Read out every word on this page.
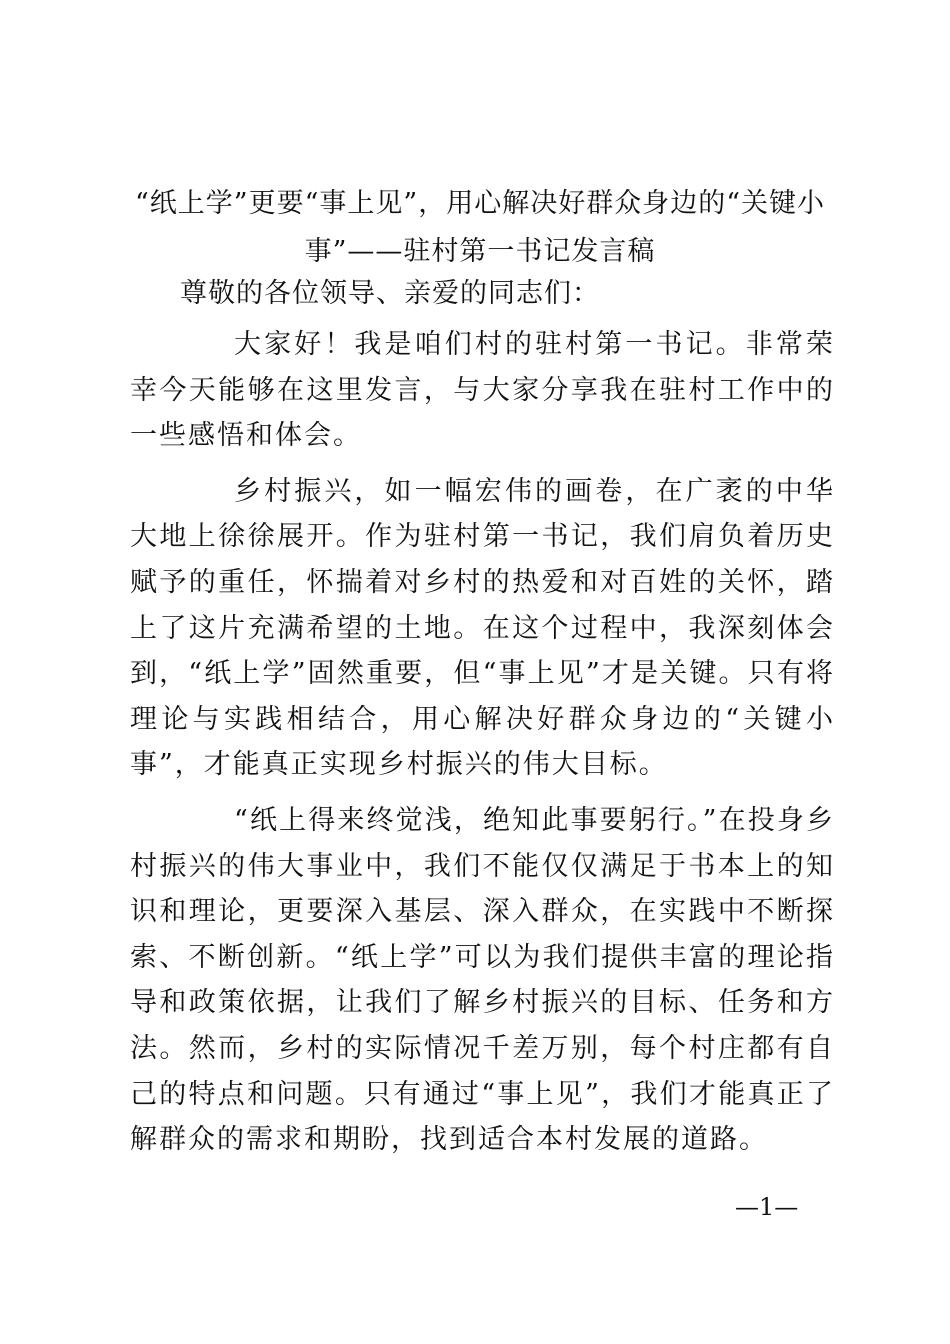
“纸上学”更要“事上见”，用心解决好群众身边的“关键小事”——驻村第一书记发言稿

尊敬的各位领导、亲爱的同志们：

大家好！我是咱们村的驻村第一书记。非常荣幸今天能够在这里发言，与大家分享我在驻村工作中的一些感悟和体会。

乡村振兴，如一幅宏伟的画卷，在广袤的中华大地上徐徐展开。作为驻村第一书记，我们肩负着历史赋予的重任，怀揣着对乡村的热爱和对百姓的关怀，踏上了这片充满希望的土地。在这个过程中，我深刻体会到，“纸上学”固然重要，但“事上见”才是关键。只有将理论与实践相结合，用心解决好群众身边的“关键小事”，才能真正实现乡村振兴的伟大目标。

“纸上得来终觉浅，绝知此事要躬行。”在投身乡村振兴的伟大事业中，我们不能仅仅满足于书本上的知识和理论，更要深入基层、深入群众，在实践中不断探索、不断创新。“纸上学”可以为我们提供丰富的理论指导和政策依据，让我们了解乡村振兴的目标、任务和方法。然而，乡村的实际情况千差万别，每个村庄都有自己的特点和问题。只有通过“事上见”，我们才能真正了解群众的需求和期盼，找到适合本村发展的道路。

—1—
